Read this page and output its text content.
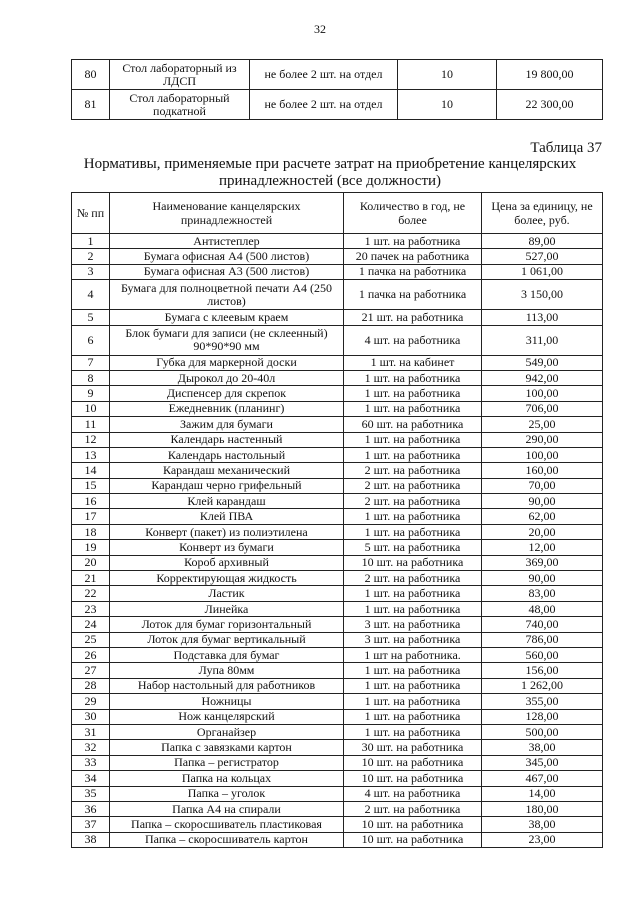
32
80	Стол лабораторный из ЛДСП	не более 2 шт. на отдел	10	19 800,00
81	Стол лабораторный подкатной	не более 2 шт. на отдел	10	22 300,00
Таблица 37
Нормативы, применяемые при расчете затрат на приобретение канцелярских принадлежностей (все должности)
№ пп	Наименование канцелярских принадлежностей	Количество в год, не более	Цена за единицу, не более, руб.
1	Антистеплер	1 шт. на работника	89,00
2	Бумага офисная А4 (500 листов)	20 пачек на работника	527,00
3	Бумага офисная А3 (500 листов)	1 пачка на работника	1 061,00
4	Бумага для полноцветной печати А4 (250 листов)	1 пачка на работника	3 150,00
5	Бумага с клеевым краем	21 шт. на работника	113,00
6	Блок бумаги для записи (не склеенный) 90*90*90 мм	4 шт. на работника	311,00
7	Губка для маркерной доски	1 шт. на кабинет	549,00
8	Дырокол до 20-40л	1 шт. на работника	942,00
9	Диспенсер для скрепок	1 шт. на работника	100,00
10	Ежедневник (планинг)	1 шт. на работника	706,00
11	Зажим для бумаги	60 шт. на работника	25,00
12	Календарь настенный	1 шт. на работника	290,00
13	Календарь настольный	1 шт. на работника	100,00
14	Карандаш механический	2 шт. на работника	160,00
15	Карандаш черно грифельный	2 шт. на работника	70,00
16	Клей карандаш	2 шт. на работника	90,00
17	Клей ПВА	1 шт. на работника	62,00
18	Конверт (пакет) из полиэтилена	1 шт. на работника	20,00
19	Конверт из бумаги	5 шт. на работника	12,00
20	Короб архивный	10 шт. на работника	369,00
21	Корректирующая жидкость	2 шт. на работника	90,00
22	Ластик	1 шт. на работника	83,00
23	Линейка	1 шт. на работника	48,00
24	Лоток для бумаг горизонтальный	3 шт. на работника	740,00
25	Лоток для бумаг вертикальный	3 шт. на работника	786,00
26	Подставка для бумаг	1 шт на работника.	560,00
27	Лупа 80мм	1 шт. на работника	156,00
28	Набор настольный для работников	1 шт. на работника	1 262,00
29	Ножницы	1 шт. на работника	355,00
30	Нож канцелярский	1 шт. на работника	128,00
31	Органайзер	1 шт. на работника	500,00
32	Папка с завязками картон	30 шт. на работника	38,00
33	Папка – регистратор	10 шт. на работника	345,00
34	Папка на кольцах	10 шт. на работника	467,00
35	Папка – уголок	4 шт. на работника	14,00
36	Папка А4 на спирали	2 шт. на работника	180,00
37	Папка – скоросшиватель пластиковая	10 шт. на работника	38,00
38	Папка – скоросшиватель картон	10 шт. на работника	23,00
